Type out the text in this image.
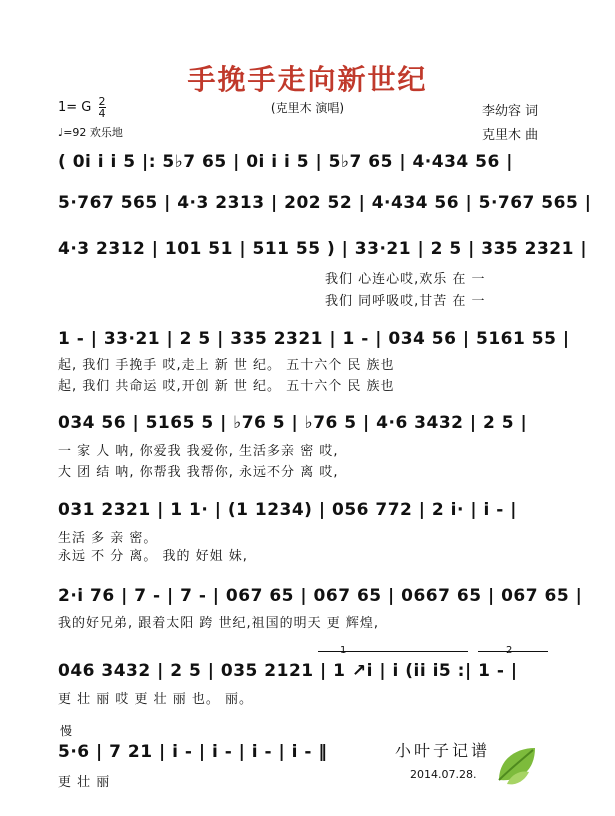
手挽手走向新世纪
(克里木 演唱)
1= G $\frac{2}{4}$
♩=92 欢乐地
李幼容 词
克里木 曲
( 0i i i 5 |: 5♭7 65 | 0i i i 5 | 5♭7 65 | 4·434 56 |
5·767 565 | 4·3 2313 | 202 52 | 4·434 56 | 5·767 565 |
4·3 2312 | 101 51 | 511 55 ) | 33·21 | 2 5 | 335 2321 |
我们 心连心哎,欢乐 在 一
我们 同呼吸哎,甘苦 在 一
1 - | 33·21 | 2 5 | 335 2321 | 1 - | 034 56 | 5161 55 |
起, 我们 手挽手 哎,走上 新 世 纪。 五十六个 民 族也
起, 我们 共命运 哎,开创 新 世 纪。 五十六个 民 族也
034 56 | 5165 5 | ♭76 5 | ♭76 5 | 4·6 3432 | 2 5 |
一 家 人 呐, 你爱我 我爱你, 生活多亲 密 哎,
大 团 结 呐, 你帮我 我帮你, 永远不分 离 哎,
031 2321 | 1 1· | (1 1234) | 056 772 | 2 i· | i - |
生活 多 亲 密。
永远 不 分 离。 我的 好姐 妹,
2·i 76 | 7 - | 7 - | 067 65 | 067 65 | 0667 65 | 067 65 |
我的好兄弟, 跟着太阳 跨 世纪,祖国的明天 更 辉煌,
1	2
046 3432 | 2 5 | 035 2121 | 1 ↗i | i (ii i5 :| 1 - |
更 壮 丽 哎 更 壮 丽 也。 丽。
慢
5·6 | 7 21 | i - | i - | i - | i - ‖
更 壮 丽
小叶子记谱
2014.07.28.
